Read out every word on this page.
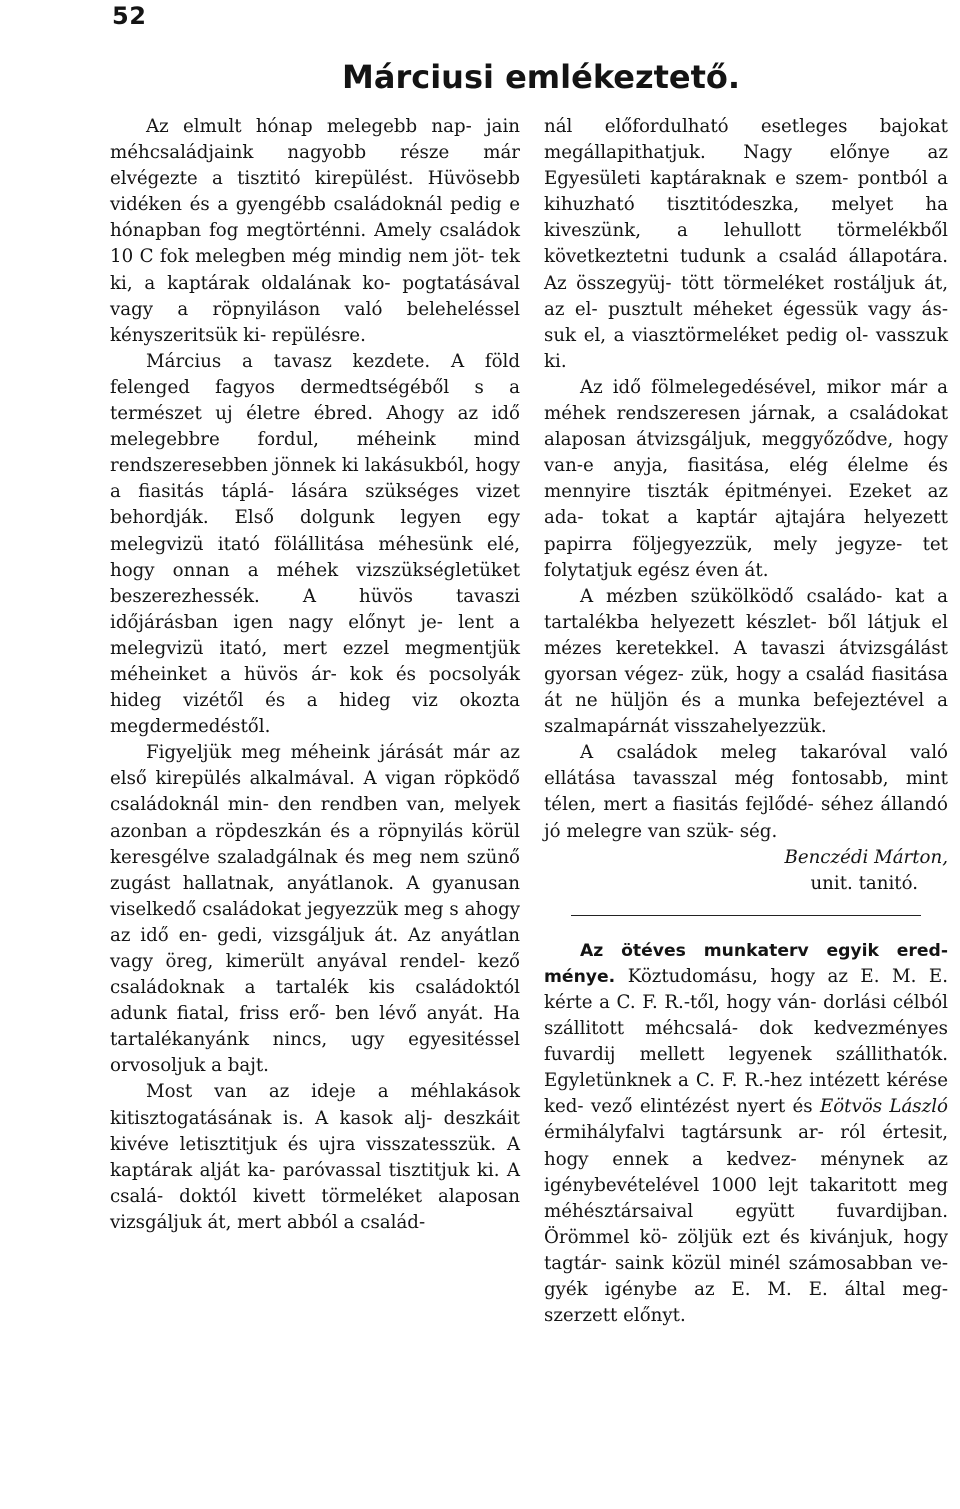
52
Márciusi emlékeztető.

Az elmult hónap melegebb nap- jain méhcsaládjaink nagyobb része már elvégezte a tisztitó kirepülést. Hüvösebb vidéken és a gyengébb családoknál pedig e hónapban fog megtörténni. Amely családok 10 C fok melegben még mindig nem jöt- tek ki, a kaptárak oldalának ko- pogtatásával vagy a röpnyiláson való beleheléssel kényszeritsük ki- repülésre.

Március a tavasz kezdete. A föld felenged fagyos dermedtségéből s a természet uj életre ébred. Ahogy az idő melegebbre fordul, méheink mind rendszeresebben jönnek ki lakásukból, hogy a fiasitás táplá- lására szükséges vizet behordják. Első dolgunk legyen egy melegvizü itató fölállitása méhesünk elé, hogy onnan a méhek vizszükségletüket beszerezhessék. A hüvös tavaszi időjárásban igen nagy előnyt je- lent a melegvizü itató, mert ezzel megmentjük méheinket a hüvös ár- kok és pocsolyák hideg vizétől és a hideg viz okozta megdermedéstől.

Figyeljük meg méheink járását már az első kirepülés alkalmával. A vigan röpködő családoknál min- den rendben van, melyek azonban a röpdeszkán és a röpnyilás körül keresgélve szaladgálnak és meg nem szünő zugást hallatnak, anyátlanok. A gyanusan viselkedő családokat jegyezzük meg s ahogy az idő en- gedi, vizsgáljuk át. Az anyátlan vagy öreg, kimerült anyával rendel- kező családoknak a tartalék kis családoktól adunk fiatal, friss erő- ben lévő anyát. Ha tartalékanyánk nincs, ugy egyesitéssel orvosoljuk a bajt.

Most van az ideje a méhlakások kitisztogatásának is. A kasok alj- deszkáit kivéve letisztitjuk és ujra visszatesszük. A kaptárak alját ka- paróvassal tisztitjuk ki. A csalá- doktól kivett törmeléket alaposan vizsgáljuk át, mert abból a család-

nál előfordulható esetleges bajokat megállapithatjuk. Nagy előnye az Egyesületi kaptáraknak e szem- pontból a kihuzható tisztitódeszka, melyet ha kiveszünk, a lehullott törmelékből következtetni tudunk a család állapotára. Az összegyüj- tött törmeléket rostáljuk át, az el- pusztult méheket égessük vagy ás- suk el, a viasztörmeléket pedig ol- vasszuk ki.

Az idő fölmelegedésével, mikor már a méhek rendszeresen járnak, a családokat alaposan átvizsgáljuk, meggyőződve, hogy van-e anyja, fiasitása, elég élelme és mennyire tiszták épitményei. Ezeket az ada- tokat a kaptár ajtajára helyezett papirra följegyezzük, mely jegyze- tet folytatjuk egész éven át.

A mézben szükölködő családo- kat a tartalékba helyezett készlet- ből látjuk el mézes keretekkel. A tavaszi átvizsgálást gyorsan végez- zük, hogy a család fiasitása át ne hüljön és a munka befejeztével a szalmapárnát visszahelyezzük.

A családok meleg takaróval való ellátása tavasszal még fontosabb, mint télen, mert a fiasitás fejlődé- séhez állandó jó melegre van szük- ség.

Benczédi Márton,
unit. tanitó.

Az ötéves munkaterv egyik ered- ménye. Köztudomásu, hogy az E. M. E. kérte a C. F. R.-től, hogy ván- dorlási célból szállitott méhcsalá- dok kedvezményes fuvardij mellett legyenek szállithatók. Egyletünknek a C. F. R.-hez intézett kérése ked- vező elintézést nyert és Eötvös László érmihályfalvi tagtársunk ar- ról értesit, hogy ennek a kedvez- ménynek az igénybevételével 1000 lejt takaritott meg méhésztársaival együtt fuvardijban. Örömmel kö- zöljük ezt és kivánjuk, hogy tagtár- saink közül minél számosabban ve- gyék igénybe az E. M. E. által meg- szerzett előnyt.
